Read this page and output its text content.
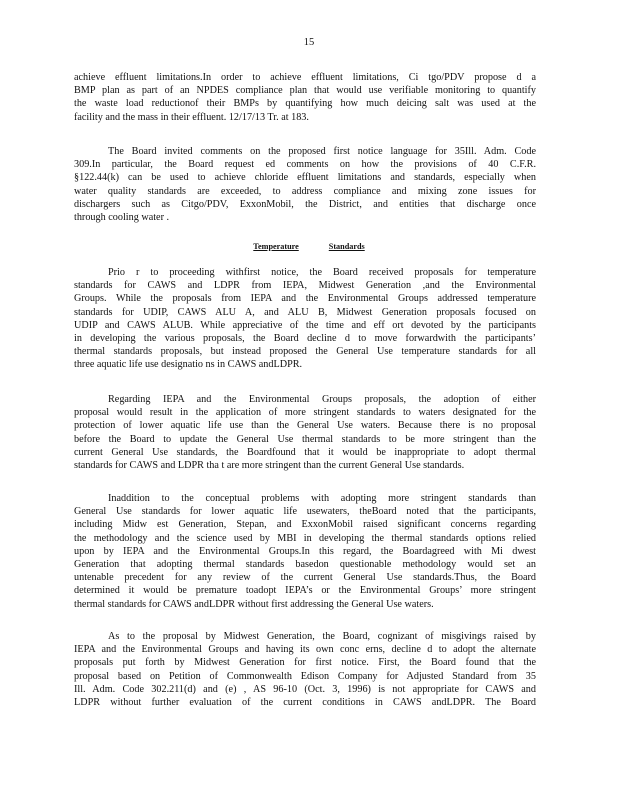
15
achieve effluent limitations.In order to achieve effluent limitations, Ci tgo/PDV propose d a
BMP plan as part of an NPDES compliance plan that would use verifiable monitoring to quantify
the waste load reductionof their BMPs by quantifying how much deicing salt was used at the
facility and the mass in their effluent. 12/17/13 Tr. at 183.
The Board invited comments on the proposed first notice language for 35Ill. Adm. Code
309.In particular, the Board request ed comments on how the provisions of 40 C.F.R.
§122.44(k) can be used to achieve chloride effluent limitations and standards, especially when
water quality standards are exceeded, to address compliance and mixing zone issues for
dischargers such as Citgo/PDV, ExxonMobil, the District, and entities that discharge once
through cooling water .
Temperature	Standards
Prio r to proceeding withfirst notice, the Board received proposals for temperature
standards for CAWS and LDPR from IEPA, Midwest Generation ,and the Environmental
Groups. While the proposals from IEPA and the Environmental Groups addressed temperature
standards for UDIP, CAWS ALU A, and ALU B, Midwest Generation proposals focused on
UDIP and CAWS ALUB. While appreciative of the time and eff ort devoted by the participants
in developing the various proposals, the Board decline d to move forwardwith the participants’
thermal standards proposals, but instead proposed the General Use temperature standards for all
three aquatic life use designatio ns in CAWS andLDPR.
Regarding IEPA and the Environmental Groups proposals, the adoption of either
proposal would result in the application of more stringent standards to waters designated for the
protection of lower aquatic life use than the General Use waters. Because there is no proposal
before the Board to update the General Use thermal standards to be more stringent than the
current General Use standards, the Boardfound that it would be inappropriate to adopt thermal
standards for CAWS and LDPR tha t are more stringent than the current General Use standards.
Inaddition to the conceptual problems with adopting more stringent standards than
General Use standards for lower aquatic life usewaters, theBoard noted that the participants,
including Midw est Generation, Stepan, and ExxonMobil raised significant concerns regarding
the methodology and the science used by MBI in developing the thermal standards options relied
upon by IEPA and the Environmental Groups.In this regard, the Boardagreed with Mi dwest
Generation that adopting thermal standards basedon questionable methodology would set an
untenable precedent for any review of the current General Use standards.Thus, the Board
determined it would be premature toadopt IEPA’s or the Environmental Groups’ more stringent
thermal standards for CAWS andLDPR without first addressing the General Use waters.
As to the proposal by Midwest Generation, the Board, cognizant of misgivings raised by
IEPA and the Environmental Groups and having its own conc erns, decline d to adopt the alternate
proposals put forth by Midwest Generation for first notice. First, the Board found that the
proposal based on Petition of Commonwealth Edison Company for Adjusted Standard from 35
Ill. Adm. Code 302.211(d) and (e) , AS 96-10 (Oct. 3, 1996) is not appropriate for CAWS and
LDPR without further evaluation of the current conditions in CAWS andLDPR. The Board
